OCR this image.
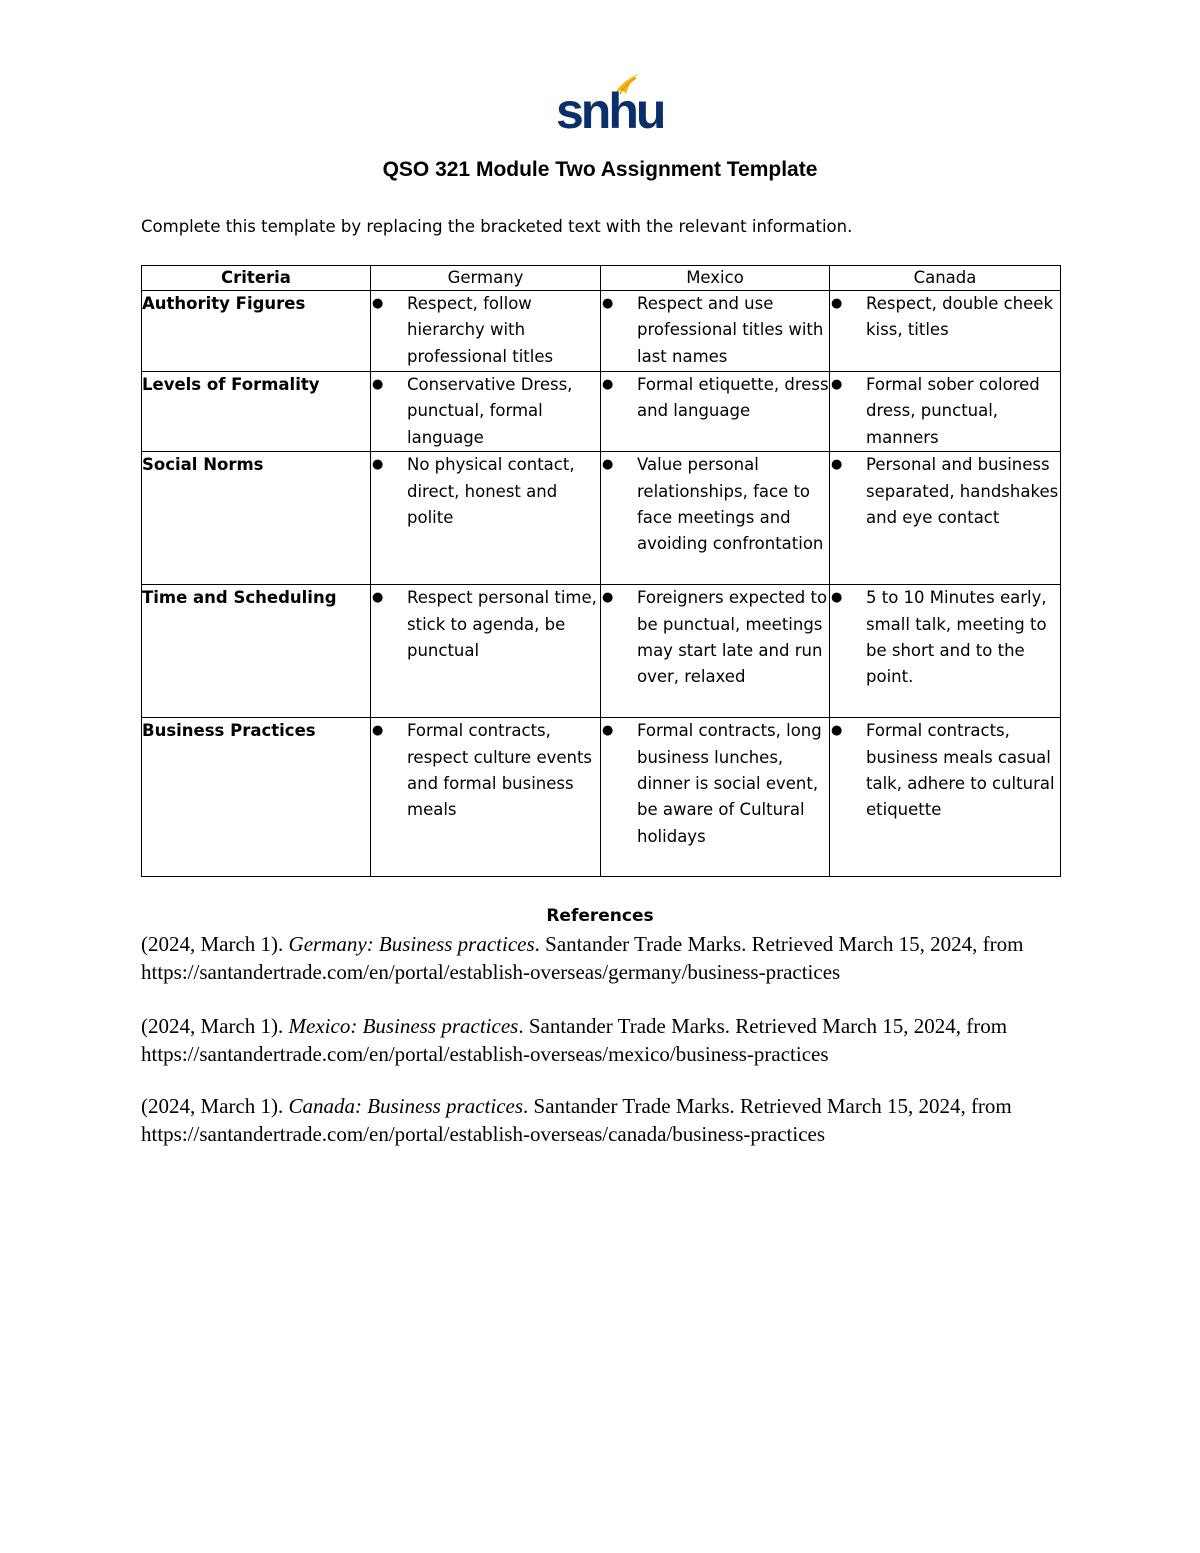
snhu
QSO 321 Module Two Assignment Template
Complete this template by replacing the bracketed text with the relevant information.
Criteria	Germany	Mexico	Canada
Authority Figures	● Respect, follow hierarchy with professional titles	● Respect and use professional titles with last names	● Respect, double cheek kiss, titles

Levels of Formality	● Conservative Dress, punctual, formal language	● Formal etiquette, dress and language	● Formal sober colored dress, punctual, manners

Social Norms	● No physical contact, direct, honest and polite	● Value personal relationships, face to face meetings and avoiding confrontation	● Personal and business separated, handshakes and eye contact

Time and Scheduling	● Respect personal time, stick to agenda, be punctual	● Foreigners expected to be punctual, meetings may start late and run over, relaxed	● 5 to 10 Minutes early, small talk, meeting to be short and to the point.

Business Practices	● Formal contracts, respect culture events and formal business meals	● Formal contracts, long business lunches, dinner is social event, be aware of Cultural holidays	● Formal contracts, business meals casual talk, adhere to cultural etiquette
References
(2024, March 1). Germany: Business practices. Santander Trade Marks. Retrieved March 15, 2024, from https://santandertrade.com/en/portal/establish-overseas/germany/business-practices
(2024, March 1). Mexico: Business practices. Santander Trade Marks. Retrieved March 15, 2024, from https://santandertrade.com/en/portal/establish-overseas/mexico/business-practices
(2024, March 1). Canada: Business practices. Santander Trade Marks. Retrieved March 15, 2024, from https://santandertrade.com/en/portal/establish-overseas/canada/business-practices
